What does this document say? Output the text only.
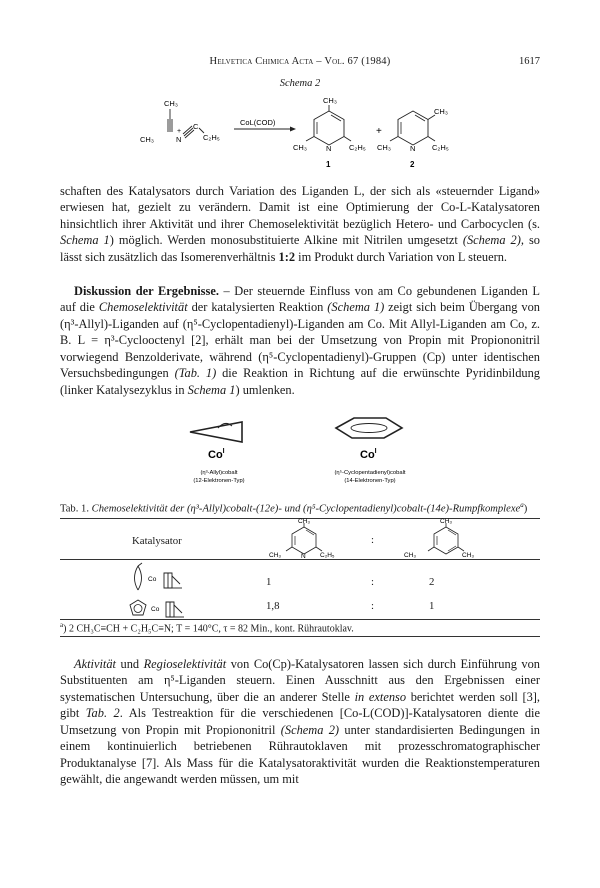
Helvetica Chimica Acta – Vol. 67 (1984)	1617
Schema 2
CH₃
+
CH₃	N
C
C₂H₅
CoL(COD)
CH₃
CH₃	N C₂H₅
1
+
CH₃
CH₃	N C₂H₅
2

schaften des Katalysators durch Variation des Liganden L, der sich als «steuernder Ligand» erwiesen hat, gezielt zu verändern. Damit ist eine Optimierung der Co-L-Katalysatoren hinsichtlich ihrer Aktivität und ihrer Chemoselektivität bezüglich Hetero- und Carbocyclen (s. Schema 1) möglich. Werden monosubstituierte Alkine mit Nitrilen umgesetzt (Schema 2), so lässt sich zusätzlich das Isomerenverhältnis 1:2 im Produkt durch Variation von L steuern.

Diskussion der Ergebnisse. – Der steuernde Einfluss von am Co gebundenen Liganden L auf die Chemoselektivität der katalysierten Reaktion (Schema 1) zeigt sich beim Übergang von (η³-Allyl)-Liganden auf (η⁵-Cyclopentadienyl)-Liganden am Co. Mit Allyl-Liganden am Co, z. B. L = η³-Cyclooctenyl [2], erhält man bei der Umsetzung von Propin mit Propiononitril vorwiegend Benzolderivate, während (η⁵-Cyclopentadienyl)-Gruppen (Cp) unter identischen Versuchsbedingungen (Tab. 1) die Reaktion in Richtung auf die erwünschte Pyridinbildung (linker Katalysezyklus in Schema 1) umlenken.

$Co^I$
(η³-Allyl)cobalt
(12-Elektronen-Typ)
$Co^I$
(η⁵-Cyclopentadienyl)cobalt
(14-Elektronen-Typ)
Tab. 1. Chemoselektivität der (η³-Allyl)cobalt-(12e)- und (η⁵-Cyclopentadienyl)cobalt-(14e)-Rumpfkomplexe$^a$)
Katalysator
CH₃
CH₃	N C₂H₅
:
CH₃
CH₃	CH₃
Co	1	:	2
Co	1,8	:	1
$^a$) 2 CH₃C≡CH + C₂H₅C≡N; T = 140°C, τ = 82 Min., kont. Rührautoklav.

Aktivität und Regioselektivität von Co(Cp)-Katalysatoren lassen sich durch Einführung von Substituenten am η⁵-Liganden steuern. Einen Ausschnitt aus den Ergebnissen einer systematischen Untersuchung, über die an anderer Stelle in extenso berichtet werden soll [3], gibt Tab. 2. Als Testreaktion für die verschiedenen [Co-L(COD)]-Katalysatoren diente die Umsetzung von Propin mit Propiononitril (Schema 2) unter standardisierten Bedingungen in einem kontinuierlich betriebenen Rührautoklaven mit prozesschromatographischer Produktanalyse [7]. Als Mass für die Katalysatoraktivität wurden die Reaktionstemperaturen gewählt, die angewandt werden müssen, um mit
